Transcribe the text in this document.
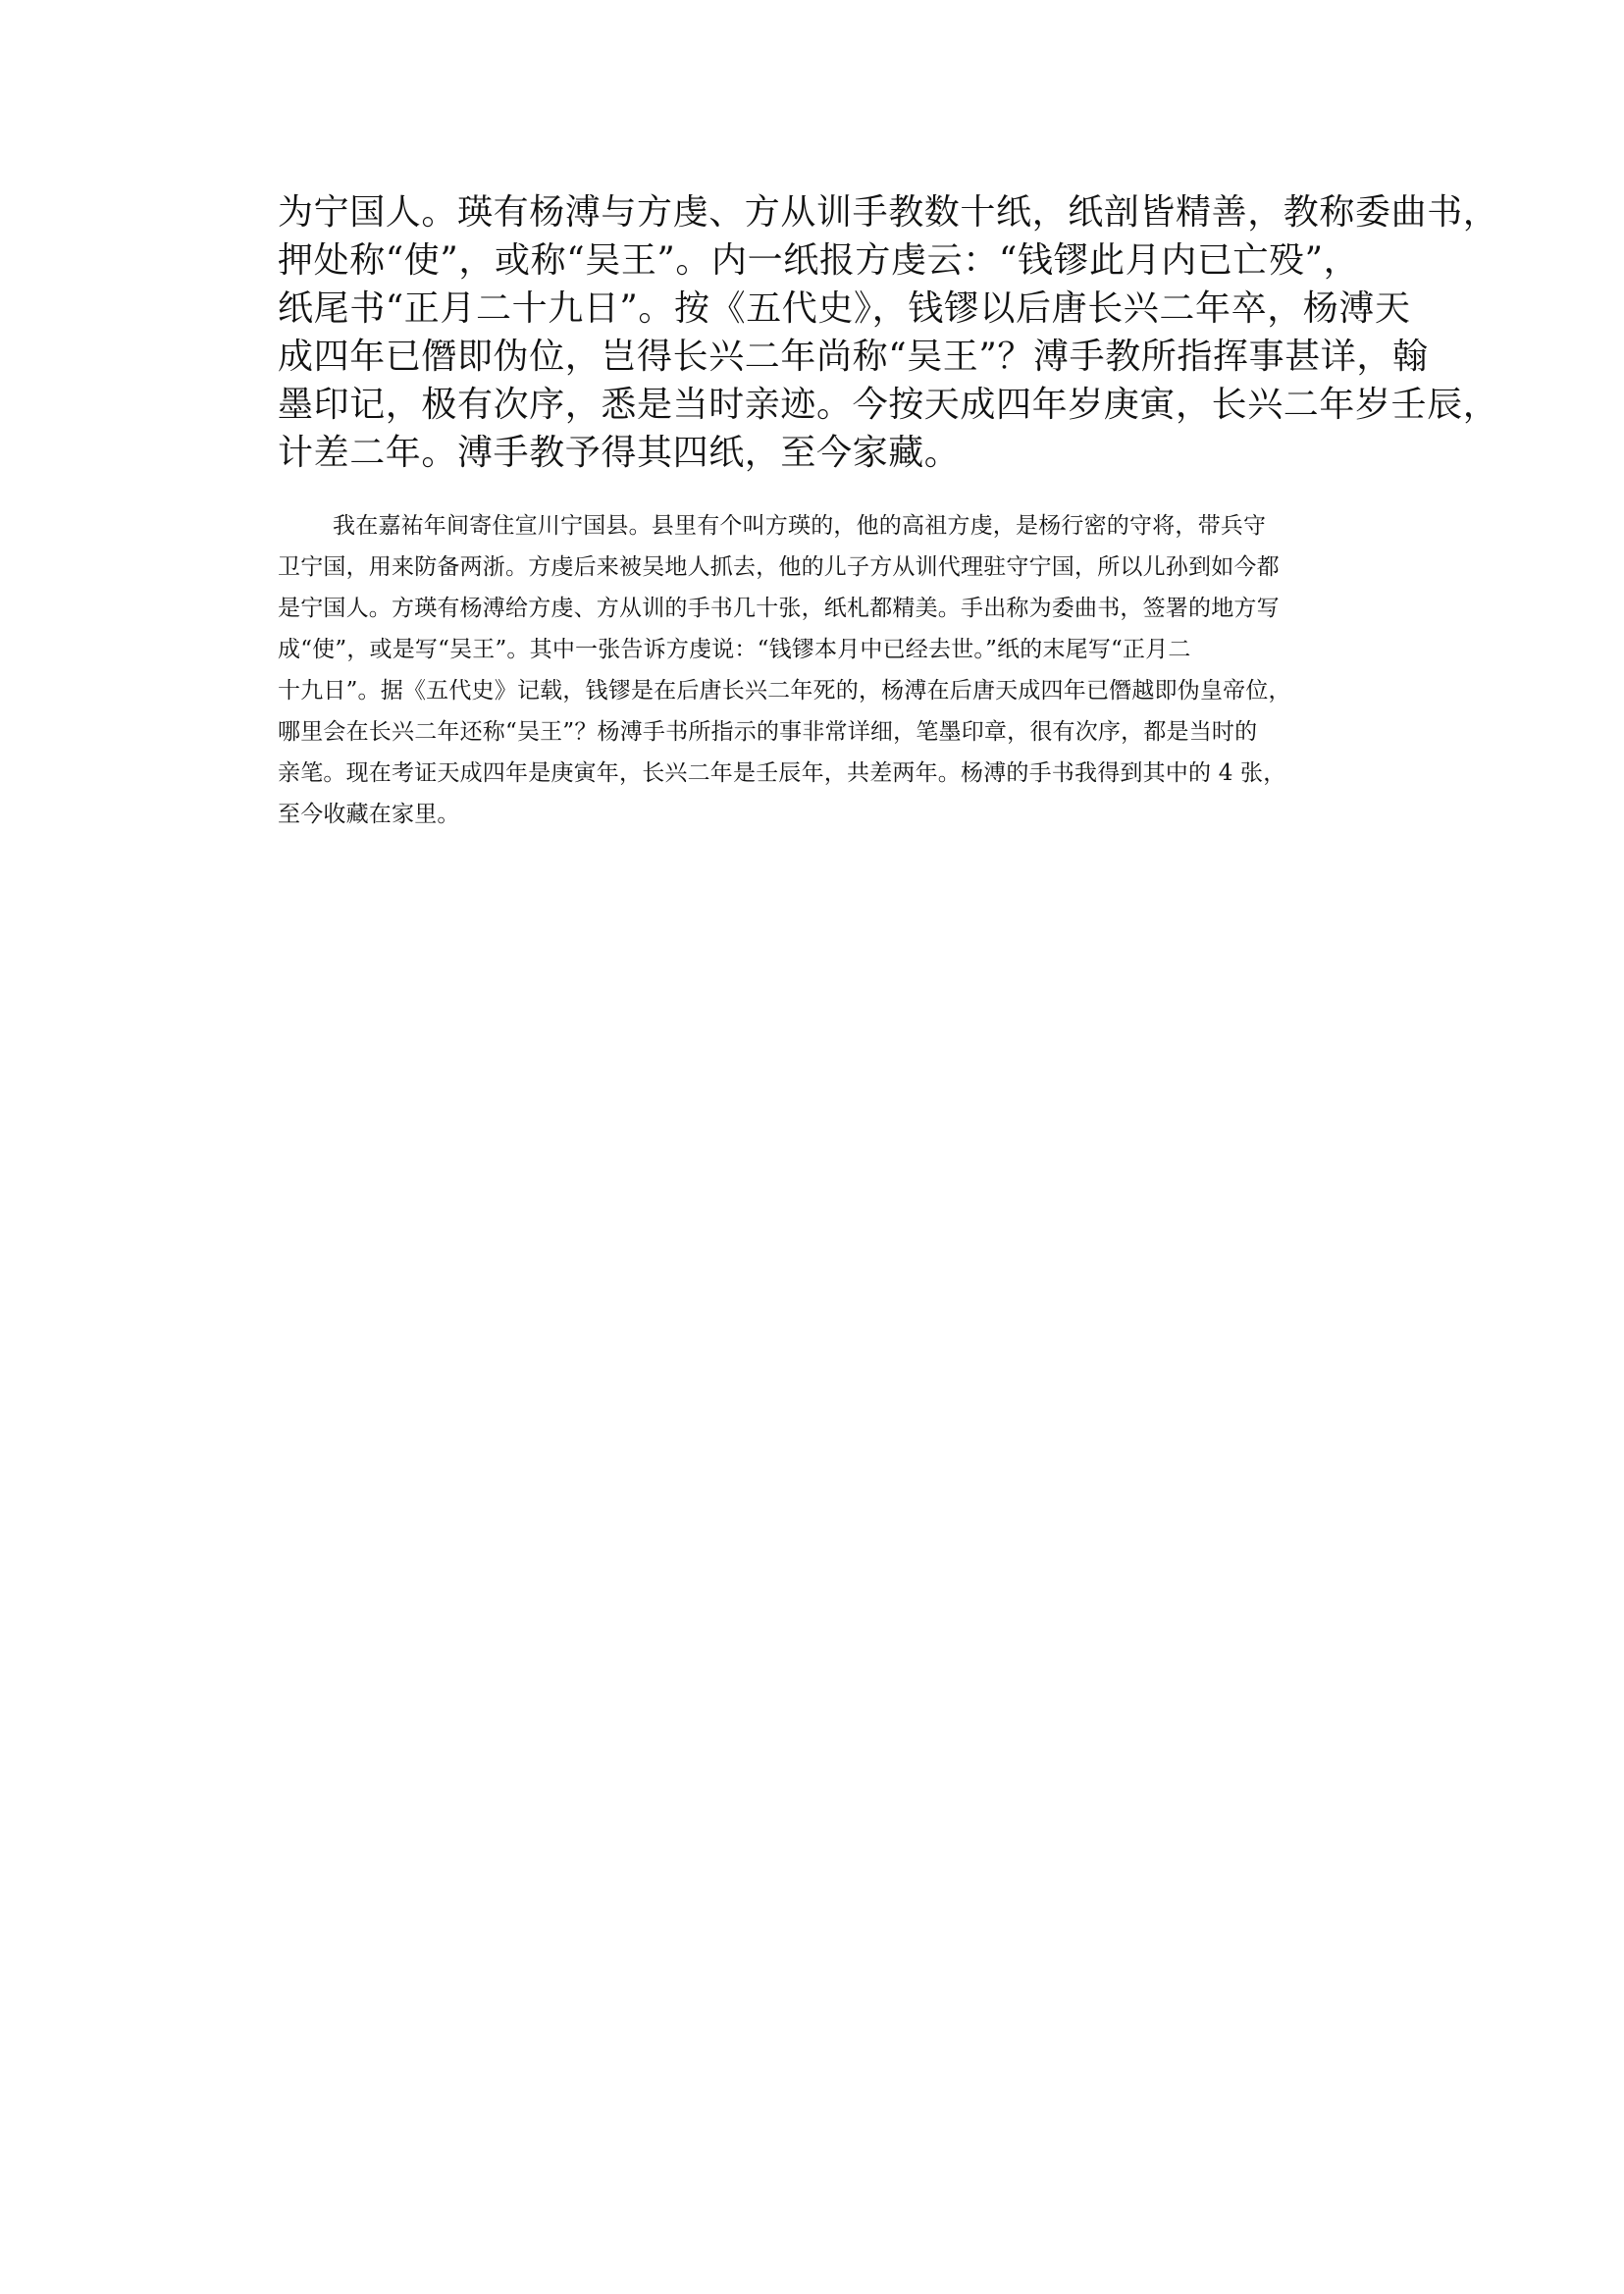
为宁国人。瑛有杨溥与方虔、方从训手教数十纸，纸剖皆精善，教称委曲书，

押处称“使”，或称“吴王”。内一纸报方虔云：“钱镠此月内已亡殁”，

纸尾书“正月二十九日”。按《五代史》，钱镠以后唐长兴二年卒，杨溥天

成四年已僭即伪位，岂得长兴二年尚称“吴王”？溥手教所指挥事甚详，翰

墨印记，极有次序，悉是当时亲迹。今按天成四年岁庚寅，长兴二年岁壬辰，

计差二年。溥手教予得其四纸，至今家藏。

我在嘉祐年间寄住宣川宁国县。县里有个叫方瑛的，他的高祖方虔，是杨行密的守将，带兵守

卫宁国，用来防备两浙。方虔后来被吴地人抓去，他的儿子方从训代理驻守宁国，所以儿孙到如今都

是宁国人。方瑛有杨溥给方虔、方从训的手书几十张，纸札都精美。手出称为委曲书，签署的地方写

成“使”，或是写“吴王”。其中一张告诉方虔说：“钱镠本月中已经去世。”纸的末尾写“正月二

十九日”。据《五代史》记载，钱镠是在后唐长兴二年死的，杨溥在后唐天成四年已僭越即伪皇帝位，

哪里会在长兴二年还称“吴王”？杨溥手书所指示的事非常详细，笔墨印章，很有次序，都是当时的

亲笔。现在考证天成四年是庚寅年，长兴二年是壬辰年，共差两年。杨溥的手书我得到其中的 4 张，

至今收藏在家里。
